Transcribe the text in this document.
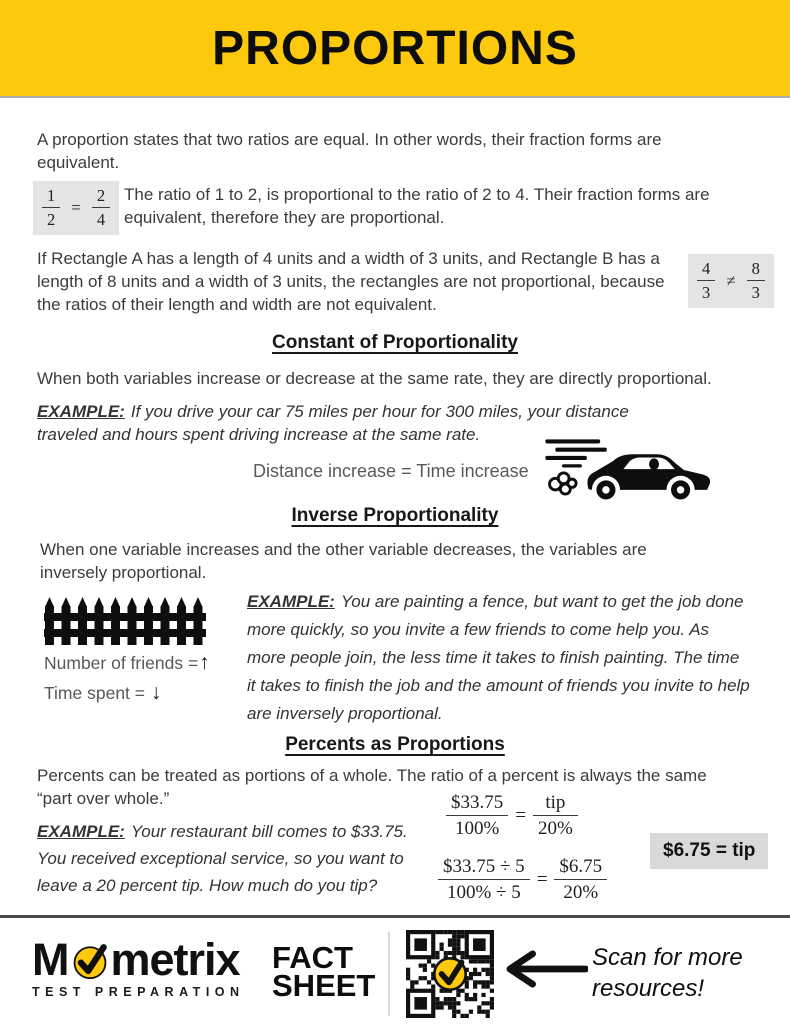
PROPORTIONS

A proportion states that two ratios are equal. In other words, their fraction forms are equivalent.

$\frac{1}{2} = \frac{2}{4}$ The ratio of 1 to 2, is proportional to the ratio of 2 to 4. Their fraction forms are equivalent, therefore they are proportional.

If Rectangle A has a length of 4 units and a width of 3 units, and Rectangle B has a length of 8 units and a width of 3 units, the rectangles are not proportional, because the ratios of their length and width are not equivalent.

$\frac{4}{3} \ne \frac{8}{3}$
Constant of Proportionality

When both variables increase or decrease at the same rate, they are directly proportional.

EXAMPLE: If you drive your car 75 miles per hour for 300 miles, your distance traveled and hours spent driving increase at the same rate.

Distance increase = Time increase
Inverse Proportionality

When one variable increases and the other variable decreases, the variables are inversely proportional.

Number of friends =↑
Time spent = ↓

EXAMPLE: You are painting a fence, but want to get the job done more quickly, so you invite a few friends to come help you. As more people join, the less time it takes to finish painting. The time it takes to finish the job and the amount of friends you invite to help are inversely proportional.

Percents as Proportions

Percents can be treated as portions of a whole. The ratio of a percent is always the same “part over whole.”

EXAMPLE: Your restaurant bill comes to $33.75. You received exceptional service, so you want to leave a 20 percent tip. How much do you tip?

$\frac{\$33.75}{100\%} = \frac{\text{tip}}{20\%}$
$\frac{\$33.75 \div 5}{100\% \div 5} = \frac{\$6.75}{20\%}$
$6.75 = tip
M metrix
TEST PREPARATION
FACT
SHEET
Scan for more
resources!
